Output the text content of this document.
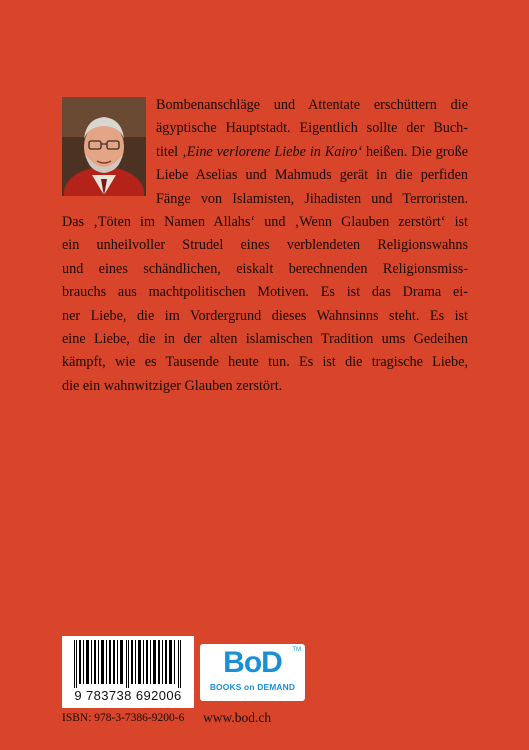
Bombenanschläge und Attentate erschüttern die
ägyptische Hauptstadt. Eigentlich sollte der Buch-
titel ‚Eine verlorene Liebe in Kairo‘ heißen. Die große
Liebe Aselias und Mahmuds gerät in die perfiden
Fänge von Islamisten, Jihadisten und Terroristen.
Das ‚Töten im Namen Allahs‘ und ‚Wenn Glauben zerstört‘ ist
ein unheilvoller Strudel eines verblendeten Religionswahns
und eines schändlichen, eiskalt berechnenden Religionsmiss-
brauchs aus machtpolitischen Motiven. Es ist das Drama ei-
ner Liebe, die im Vordergrund dieses Wahnsinns steht. Es ist
eine Liebe, die in der alten islamischen Tradition ums Gedeihen
kämpft, wie es Tausende heute tun. Es ist die tragische Liebe,
die ein wahnwitziger Glauben zerstört.
9 783738 692006
BoD
BOOKS on DEMAND
TM
ISBN: 978-3-7386-9200-6 www.bod.ch
